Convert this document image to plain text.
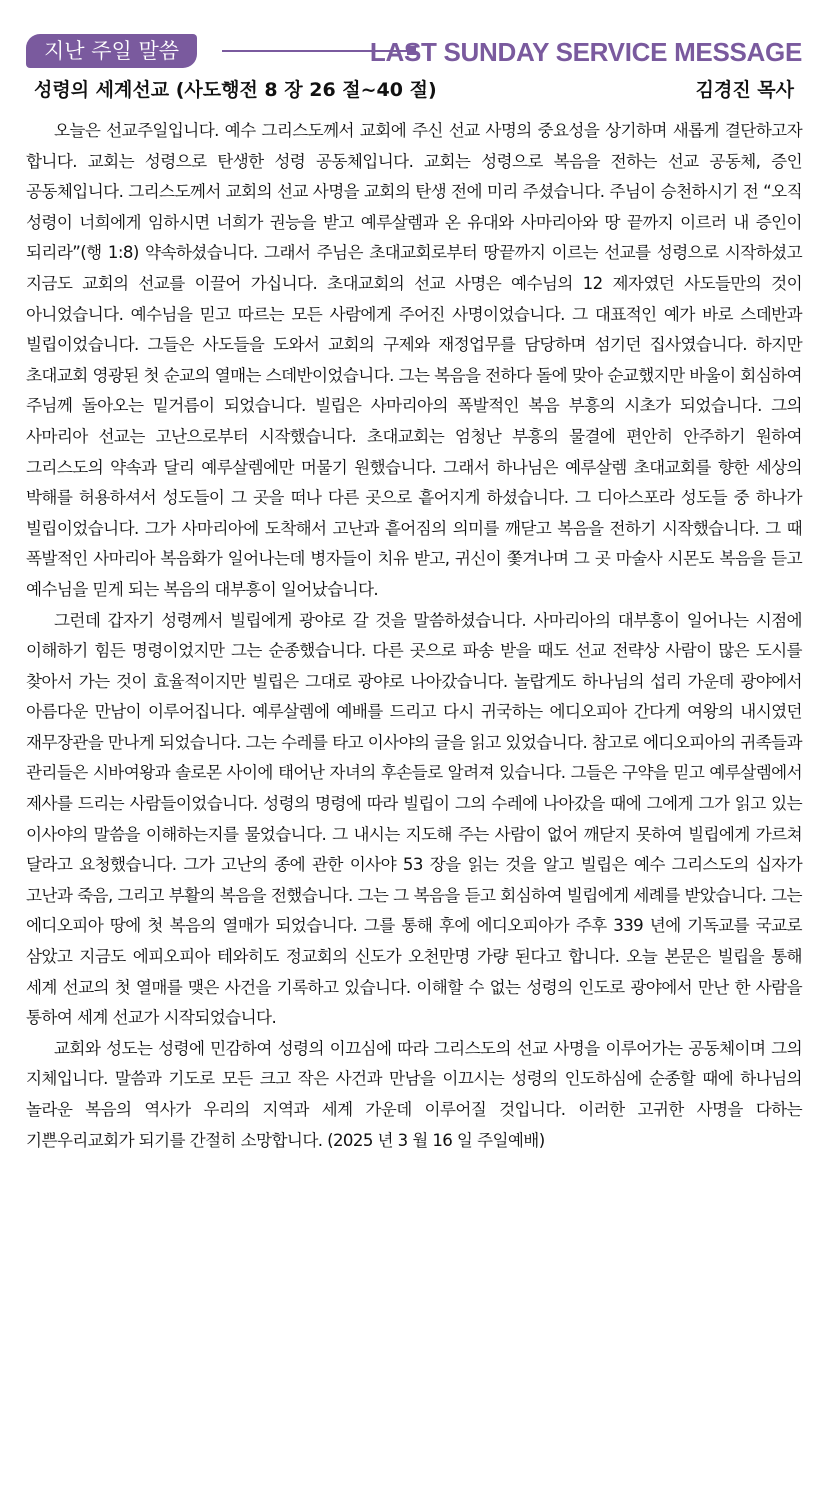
지난 주일 말씀	LAST SUNDAY SERVICE MESSAGE
성령의 세계선교 (사도행전 8 장 26 절~40 절)	김경진 목사

오늘은 선교주일입니다. 예수 그리스도께서 교회에 주신 선교 사명의 중요성을 상기하며 새롭게 결단하고자 합니다. 교회는 성령으로 탄생한 성령 공동체입니다. 교회는 성령으로 복음을 전하는 선교 공동체, 증인 공동체입니다. 그리스도께서 교회의 선교 사명을 교회의 탄생 전에 미리 주셨습니다. 주님이 승천하시기 전 “오직 성령이 너희에게 임하시면 너희가 권능을 받고 예루살렘과 온 유대와 사마리아와 땅 끝까지 이르러 내 증인이 되리라”(행 1:8) 약속하셨습니다. 그래서 주님은 초대교회로부터 땅끝까지 이르는 선교를 성령으로 시작하셨고 지금도 교회의 선교를 이끌어 가십니다. 초대교회의 선교 사명은 예수님의 12 제자였던 사도들만의 것이 아니었습니다. 예수님을 믿고 따르는 모든 사람에게 주어진 사명이었습니다. 그 대표적인 예가 바로 스데반과 빌립이었습니다. 그들은 사도들을 도와서 교회의 구제와 재정업무를 담당하며 섬기던 집사였습니다. 하지만 초대교회 영광된 첫 순교의 열매는 스데반이었습니다. 그는 복음을 전하다 돌에 맞아 순교했지만 바울이 회심하여 주님께 돌아오는 밑거름이 되었습니다. 빌립은 사마리아의 폭발적인 복음 부흥의 시초가 되었습니다. 그의 사마리아 선교는 고난으로부터 시작했습니다. 초대교회는 엄청난 부흥의 물결에 편안히 안주하기 원하여 그리스도의 약속과 달리 예루살렘에만 머물기 원했습니다. 그래서 하나님은 예루살렘 초대교회를 향한 세상의 박해를 허용하셔서 성도들이 그 곳을 떠나 다른 곳으로 흩어지게 하셨습니다. 그 디아스포라 성도들 중 하나가 빌립이었습니다. 그가 사마리아에 도착해서 고난과 흩어짐의 의미를 깨닫고 복음을 전하기 시작했습니다. 그 때 폭발적인 사마리아 복음화가 일어나는데 병자들이 치유 받고, 귀신이 쫓겨나며 그 곳 마술사 시몬도 복음을 듣고 예수님을 믿게 되는 복음의 대부흥이 일어났습니다.

그런데 갑자기 성령께서 빌립에게 광야로 갈 것을 말씀하셨습니다. 사마리아의 대부흥이 일어나는 시점에 이해하기 힘든 명령이었지만 그는 순종했습니다. 다른 곳으로 파송 받을 때도 선교 전략상 사람이 많은 도시를 찾아서 가는 것이 효율적이지만 빌립은 그대로 광야로 나아갔습니다. 놀랍게도 하나님의 섭리 가운데 광야에서 아름다운 만남이 이루어집니다. 예루살렘에 예배를 드리고 다시 귀국하는 에디오피아 간다게 여왕의 내시였던 재무장관을 만나게 되었습니다. 그는 수레를 타고 이사야의 글을 읽고 있었습니다. 참고로 에디오피아의 귀족들과 관리들은 시바여왕과 솔로몬 사이에 태어난 자녀의 후손들로 알려져 있습니다. 그들은 구약을 믿고 예루살렘에서 제사를 드리는 사람들이었습니다. 성령의 명령에 따라 빌립이 그의 수레에 나아갔을 때에 그에게 그가 읽고 있는 이사야의 말씀을 이해하는지를 물었습니다. 그 내시는 지도해 주는 사람이 없어 깨닫지 못하여 빌립에게 가르쳐 달라고 요청했습니다. 그가 고난의 종에 관한 이사야 53 장을 읽는 것을 알고 빌립은 예수 그리스도의 십자가 고난과 죽음, 그리고 부활의 복음을 전했습니다. 그는 그 복음을 듣고 회심하여 빌립에게 세례를 받았습니다. 그는 에디오피아 땅에 첫 복음의 열매가 되었습니다. 그를 통해 후에 에디오피아가 주후 339 년에 기독교를 국교로 삼았고 지금도 에피오피아 테와히도 정교회의 신도가 오천만명 가량 된다고 합니다. 오늘 본문은 빌립을 통해 세계 선교의 첫 열매를 맺은 사건을 기록하고 있습니다. 이해할 수 없는 성령의 인도로 광야에서 만난 한 사람을 통하여 세계 선교가 시작되었습니다.

교회와 성도는 성령에 민감하여 성령의 이끄심에 따라 그리스도의 선교 사명을 이루어가는 공동체이며 그의 지체입니다. 말씀과 기도로 모든 크고 작은 사건과 만남을 이끄시는 성령의 인도하심에 순종할 때에 하나님의 놀라운 복음의 역사가 우리의 지역과 세계 가운데 이루어질 것입니다. 이러한 고귀한 사명을 다하는 기쁜우리교회가 되기를 간절히 소망합니다. (2025 년 3 월 16 일 주일예배)
